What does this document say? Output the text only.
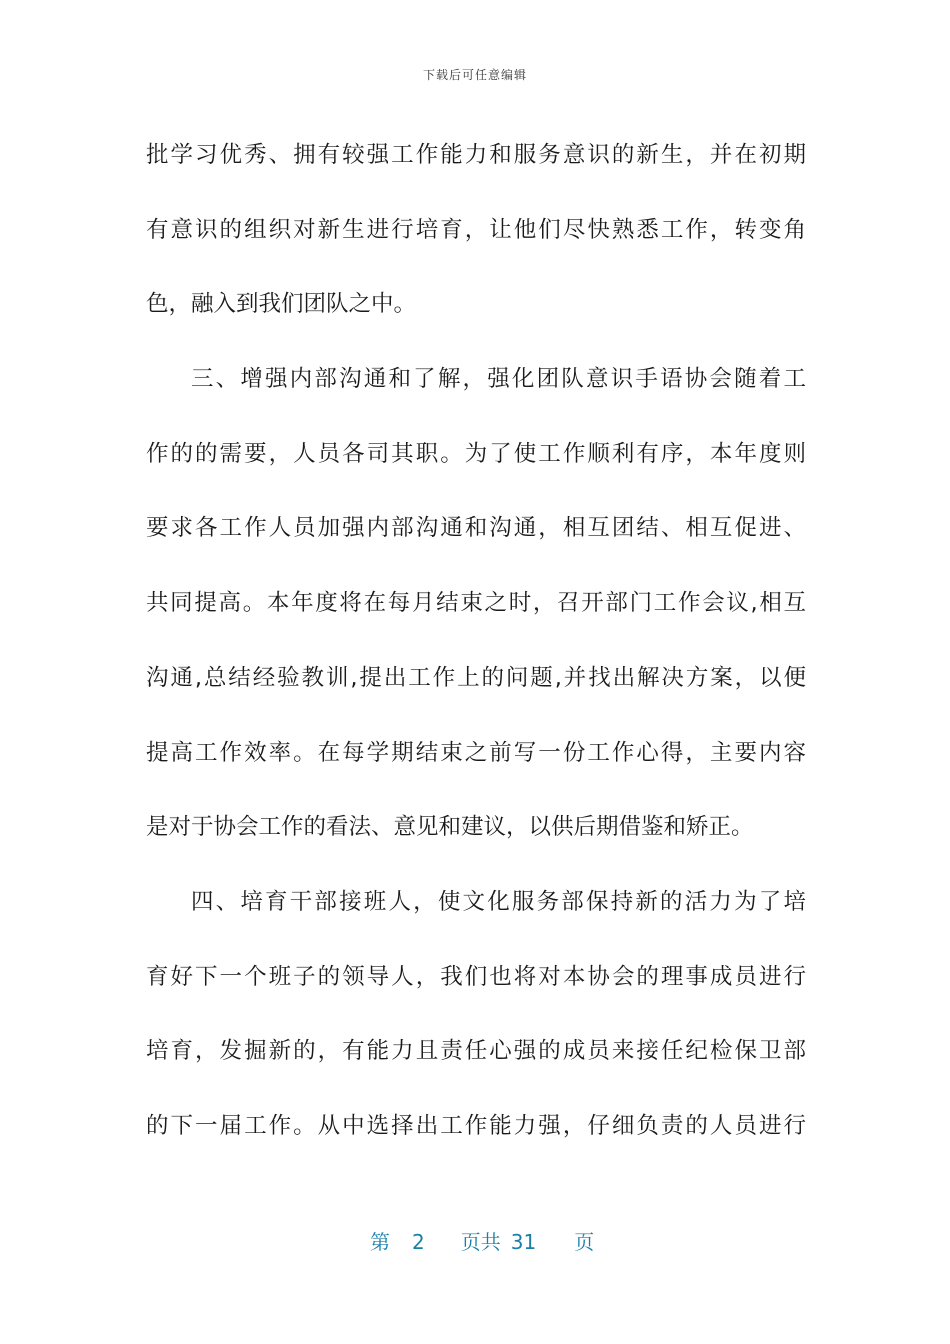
下载后可任意编辑
批学习优秀、拥有较强工作能力和服务意识的新生，并在初期
有意识的组织对新生进行培育，让他们尽快熟悉工作，转变角
色，融入到我们团队之中。
三、增强内部沟通和了解，强化团队意识手语协会随着工
作的的需要，人员各司其职。为了使工作顺利有序，本年度则
要求各工作人员加强内部沟通和沟通，相互团结、相互促进、
共同提高。本年度将在每月结束之时，召开部门工作会议,相互
沟通,总结经验教训,提出工作上的问题,并找出解决方案，以便
提高工作效率。在每学期结束之前写一份工作心得，主要内容
是对于协会工作的看法、意见和建议，以供后期借鉴和矫正。
四、培育干部接班人，使文化服务部保持新的活力为了培
育好下一个班子的领导人，我们也将对本协会的理事成员进行
培育，发掘新的，有能力且责任心强的成员来接任纪检保卫部
的下一届工作。从中选择出工作能力强，仔细负责的人员进行
第 2 页共 31 页
